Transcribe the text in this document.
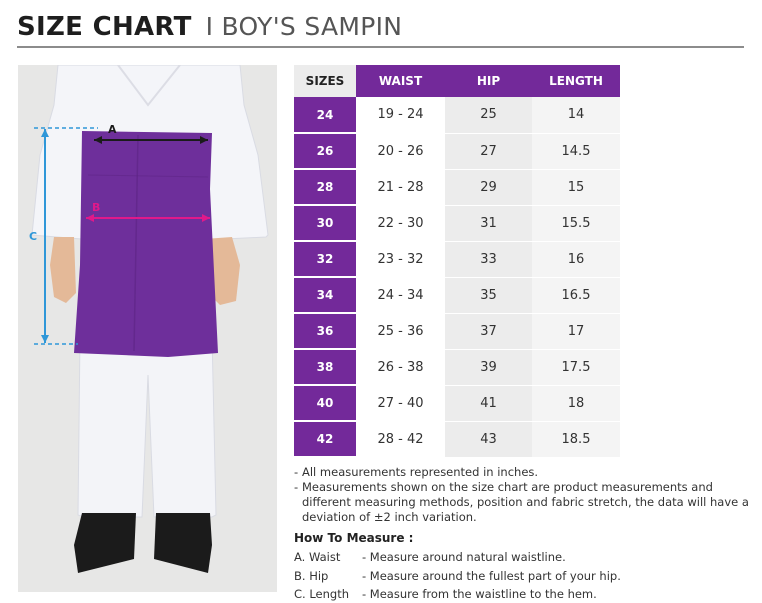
SIZE CHART I BOY'S SAMPIN
A
B
C
SIZES	WAIST	HIP	LENGTH
24	19 - 24	25	14
26	20 - 26	27	14.5
28	21 - 28	29	15
30	22 - 30	31	15.5
32	23 - 32	33	16
34	24 - 34	35	16.5
36	25 - 36	37	17
38	26 - 38	39	17.5
40	27 - 40	41	18
42	28 - 42	43	18.5
- All measurements represented in inches.
- Measurements shown on the size chart are product measurements and different measuring methods, position and fabric stretch, the data will have a deviation of ±2 inch variation.
How To Measure :
A. Waist	- Measure around natural waistline.
B. Hip	- Measure around the fullest part of your hip.
C. Length	- Measure from the waistline to the hem.
